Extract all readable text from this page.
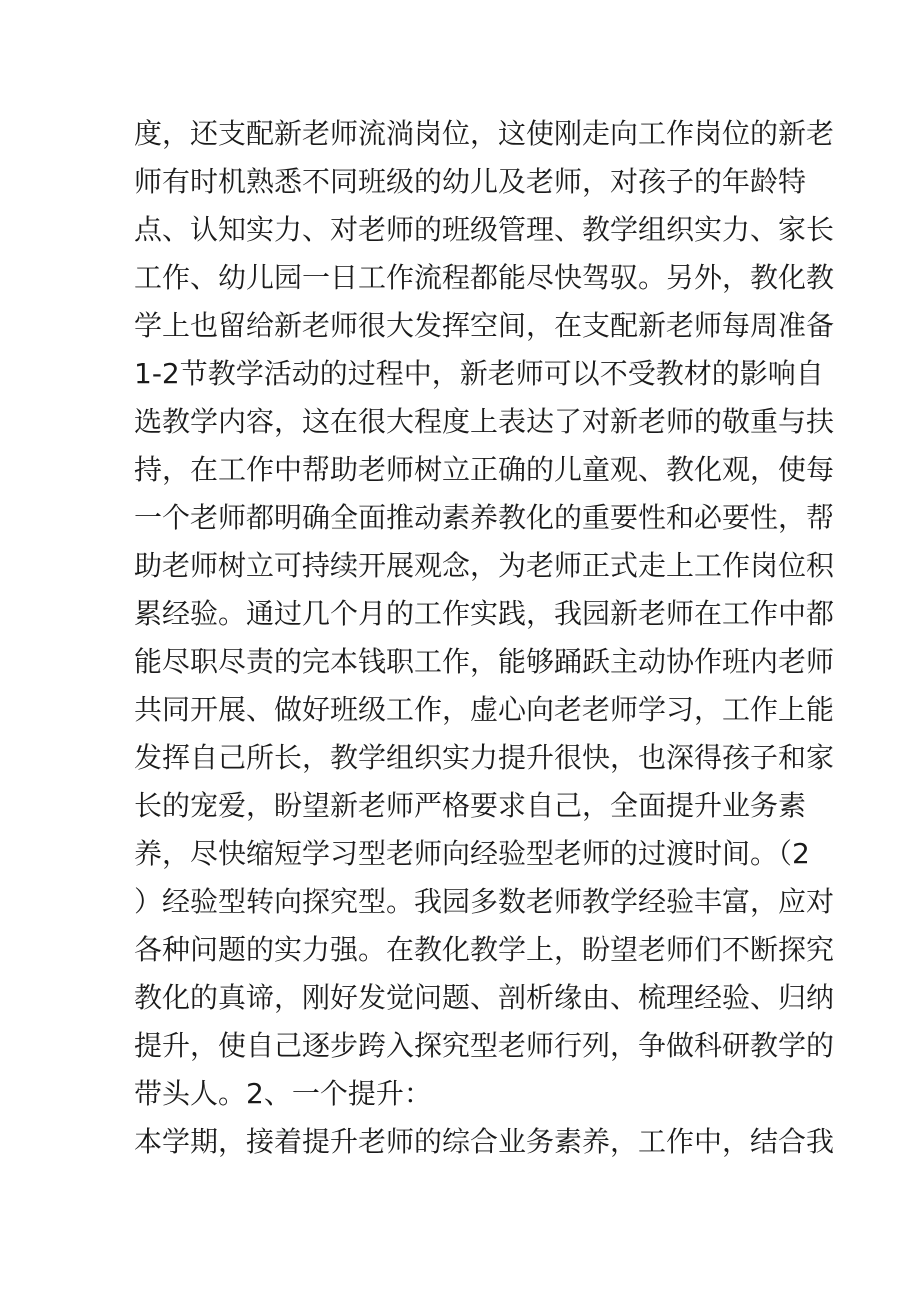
度，还支配新老师流淌岗位，这使刚走向工作岗位的新老
师有时机熟悉不同班级的幼儿及老师，对孩子的年龄特
点、认知实力、对老师的班级管理、教学组织实力、家长
工作、幼儿园一日工作流程都能尽快驾驭。另外，教化教
学上也留给新老师很大发挥空间，在支配新老师每周准备
1-2节教学活动的过程中，新老师可以不受教材的影响自
选教学内容，这在很大程度上表达了对新老师的敬重与扶
持，在工作中帮助老师树立正确的儿童观、教化观，使每
一个老师都明确全面推动素养教化的重要性和必要性，帮
助老师树立可持续开展观念，为老师正式走上工作岗位积
累经验。通过几个月的工作实践，我园新老师在工作中都
能尽职尽责的完本钱职工作，能够踊跃主动协作班内老师
共同开展、做好班级工作，虚心向老老师学习，工作上能
发挥自己所长，教学组织实力提升很快，也深得孩子和家
长的宠爱，盼望新老师严格要求自己，全面提升业务素
养，尽快缩短学习型老师向经验型老师的过渡时间。（2
）经验型转向探究型。我园多数老师教学经验丰富，应对
各种问题的实力强。在教化教学上，盼望老师们不断探究
教化的真谛，刚好发觉问题、剖析缘由、梳理经验、归纳
提升，使自己逐步跨入探究型老师行列，争做科研教学的
带头人。2、一个提升：
本学期，接着提升老师的综合业务素养，工作中，结合我
